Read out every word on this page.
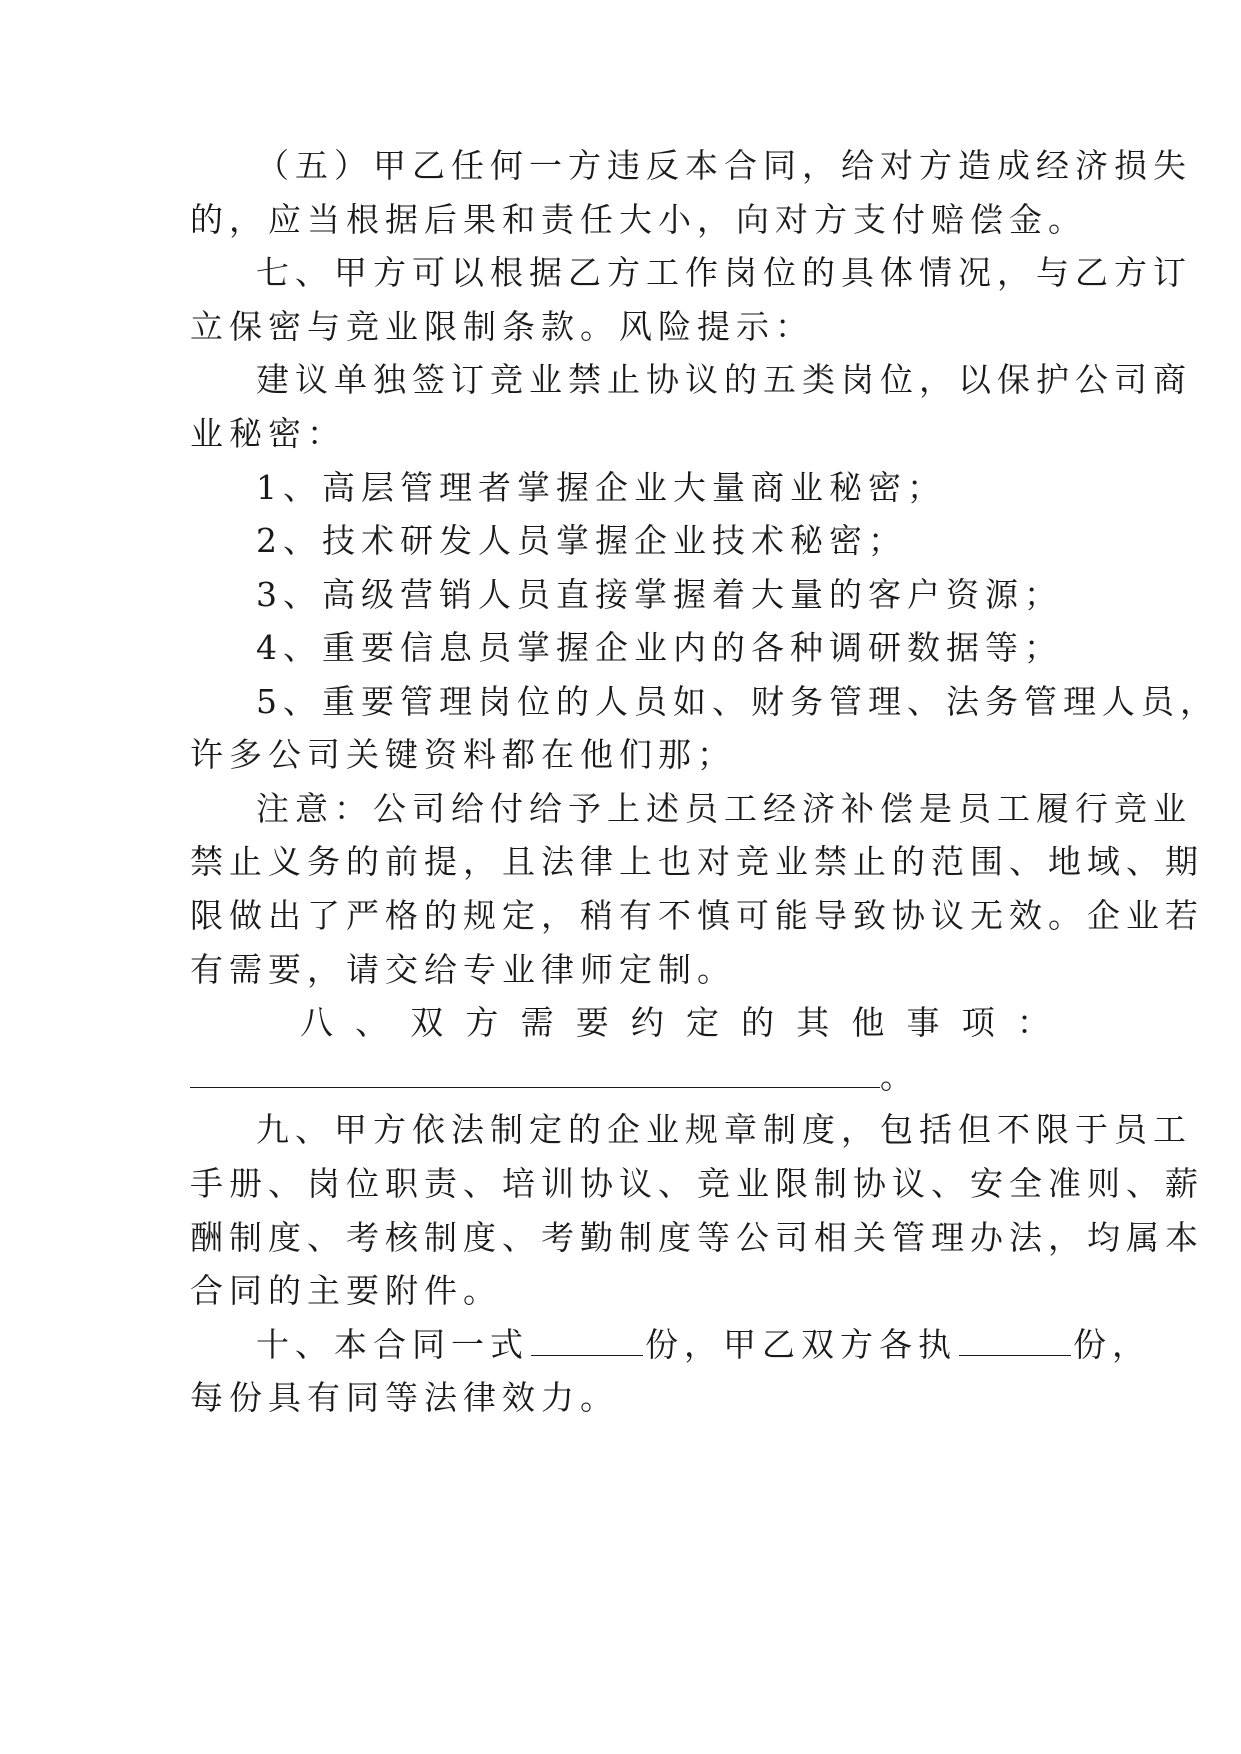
（五）甲乙任何一方违反本合同，给对方造成经济损失
的，应当根据后果和责任大小，向对方支付赔偿金。
七、甲方可以根据乙方工作岗位的具体情况，与乙方订
立保密与竞业限制条款。风险提示：
建议单独签订竞业禁止协议的五类岗位，以保护公司商
业秘密：
1、高层管理者掌握企业大量商业秘密；
2、技术研发人员掌握企业技术秘密；
3、高级营销人员直接掌握着大量的客户资源；
4、重要信息员掌握企业内的各种调研数据等；
5、重要管理岗位的人员如、财务管理、法务管理人员，
许多公司关键资料都在他们那；
注意：公司给付给予上述员工经济补偿是员工履行竞业
禁止义务的前提，且法律上也对竞业禁止的范围、地域、期
限做出了严格的规定，稍有不慎可能导致协议无效。企业若
有需要，请交给专业律师定制。
八 、 双 方 需 要 约 定 的 其 他 事 项 ：
。
九、甲方依法制定的企业规章制度，包括但不限于员工
手册、岗位职责、培训协议、竞业限制协议、安全准则、薪
酬制度、考核制度、考勤制度等公司相关管理办法，均属本
合同的主要附件。
十、本合同一式	份，甲乙双方各执	份，
每份具有同等法律效力。
